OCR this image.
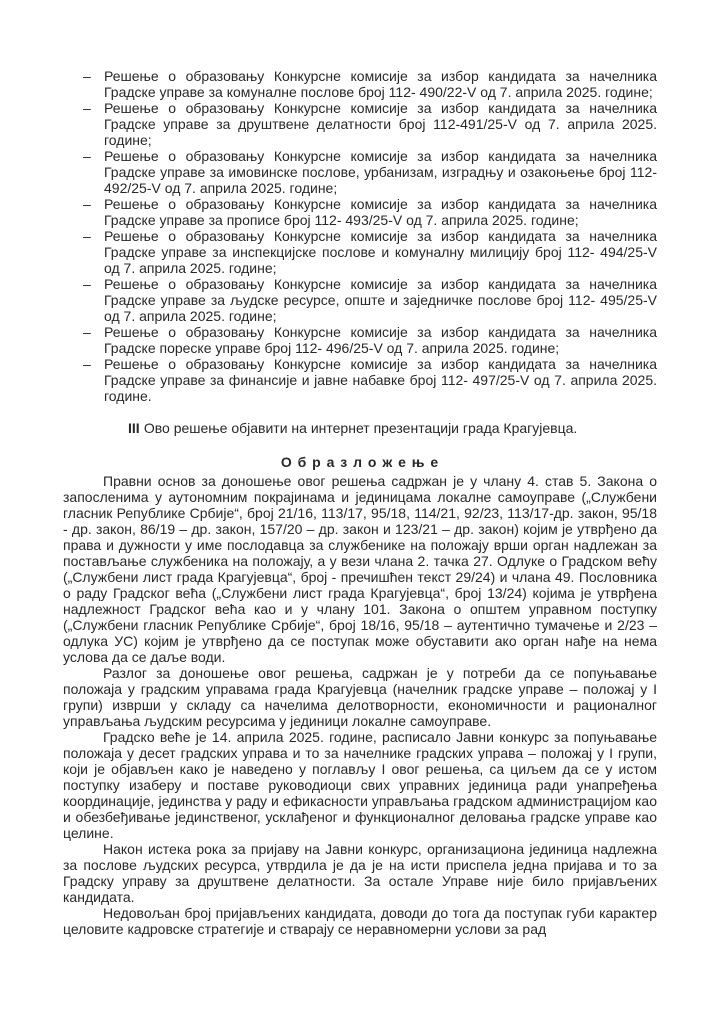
– Решење о образовању Конкурсне комисије за избор кандидата за начелника Градске управе за комуналне послове број 112- 490/22-V од 7. априла 2025. године;
– Решење о образовању Конкурсне комисије за избор кандидата за начелника Градске управе за друштвене делатности број 112-491/25-V од 7. априла 2025. године;
– Решење о образовању Конкурсне комисије за избор кандидата за начелника Градске управе за имовинске послове, урбанизам, изградњу и озакоњење број 112- 492/25-V од 7. априла 2025. године;
– Решење о образовању Конкурсне комисије за избор кандидата за начелника Градске управе за прописе број 112- 493/25-V од 7. априла 2025. године;
– Решење о образовању Конкурсне комисије за избор кандидата за начелника Градске управе за инспекцијске послове и комуналну милицију број 112- 494/25-V од 7. априла 2025. године;
– Решење о образовању Конкурсне комисије за избор кандидата за начелника Градске управе за људске ресурсе, опште и заједничке послове број 112- 495/25-V од 7. априла 2025. године;
– Решење о образовању Конкурсне комисије за избор кандидата за начелника Градске пореске управе број 112- 496/25-V од 7. априла 2025. године;
– Решење о образовању Конкурсне комисије за избор кандидата за начелника Градске управе за финансије и јавне набавке број 112- 497/25-V од 7. априла 2025. године.

III Ово решење објавити на интернет презентацији града Крагујевца.

О б р а з л о ж е њ е

Правни основ за доношење овог решења садржан је у члану 4. став 5. Закона о запосленима у аутономним покрајинама и јединицама локалне самоуправе („Службени гласник Републике Србије“, број 21/16, 113/17, 95/18, 114/21, 92/23, 113/17-др. закон, 95/18 - др. закон, 86/19 – др. закон, 157/20 – др. закон и 123/21 – др. закон) којим је утврђено да права и дужности у име послодавца за службенике на положају врши орган надлежан за постављање службеника на положају, а у вези члана 2. тачка 27. Одлуке о Градском већу („Службени лист града Крагујевца“, број - пречишћен текст 29/24) и члана 49. Пословника о раду Градског већа („Службени лист града Крагујевца“, број 13/24) којима је утврђена надлежност Градског већа као и у члану 101. Закона о општем управном поступку („Службени гласник Републике Србије“, број 18/16, 95/18 – аутентично тумачење и 2/23 – одлука УС) којим је утврђено да се поступак може обуставити ако орган нађе на нема услова да се даље води.

Разлог за доношење овог решења, садржан је у потреби да се попуњавање положаја у градским управама града Крагујевца (начелник градске управе – положај у I групи) изврши у складу са начелима делотворности, економичности и рационалног управљања људским ресурсима у јединици локалне самоуправе.

Градско веће је 14. априла 2025. године, расписало Јавни конкурс за попуњавање положаја у десет градских управа и то за начелнике градских управа – положај у I групи, који је објављен како је наведено у поглављу I овог решења, са циљем да се у истом поступку изаберу и поставе руководиоци свих управних јединица ради унапређења координације, јединства у раду и ефикасности управљања градском администрацијом као и обезбеђивање јединственог, усклађеног и функционалног деловања градске управе као целине.

Након истека рока за пријаву на Јавни конкурс, организациона јединица надлежна за послове људских ресурса, утврдила је да је на исти приспела једна пријава и то за Градску управу за друштвене делатности. За остале Управе није било пријављених кандидата.

Недовољан број пријављених кандидата, доводи до тога да поступак губи карактер целовите кадровске стратегије и стварају се неравномерни услови за рад
